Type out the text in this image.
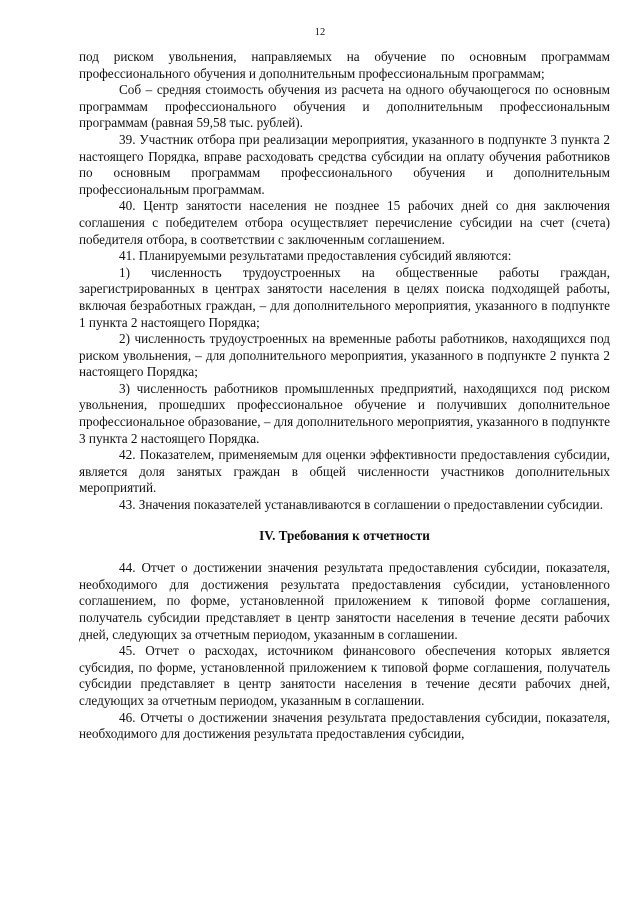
12

под риском увольнения, направляемых на обучение по основным программам профессионального обучения и дополнительным профессиональным программам;

Соб – средняя стоимость обучения из расчета на одного обучающегося по основным программам профессионального обучения и дополнительным профессиональным программам (равная 59,58 тыс. рублей).

39. Участник отбора при реализации мероприятия, указанного в подпункте 3 пункта 2 настоящего Порядка, вправе расходовать средства субсидии на оплату обучения работников по основным программам профессионального обучения и дополнительным профессиональным программам.

40. Центр занятости населения не позднее 15 рабочих дней со дня заключения соглашения с победителем отбора осуществляет перечисление субсидии на счет (счета) победителя отбора, в соответствии с заключенным соглашением.

41. Планируемыми результатами предоставления субсидий являются:

1) численность трудоустроенных на общественные работы граждан, зарегистрированных в центрах занятости населения в целях поиска подходящей работы, включая безработных граждан, – для дополнительного мероприятия, указанного в подпункте 1 пункта 2 настоящего Порядка;

2) численность трудоустроенных на временные работы работников, находящихся под риском увольнения, – для дополнительного мероприятия, указанного в подпункте 2 пункта 2 настоящего Порядка;

3) численность работников промышленных предприятий, находящихся под риском увольнения, прошедших профессиональное обучение и получивших дополнительное профессиональное образование, – для дополнительного мероприятия, указанного в подпункте 3 пункта 2 настоящего Порядка.

42. Показателем, применяемым для оценки эффективности предоставления субсидии, является доля занятых граждан в общей численности участников дополнительных мероприятий.

43. Значения показателей устанавливаются в соглашении о предоставлении субсидии.

IV. Требования к отчетности

44. Отчет о достижении значения результата предоставления субсидии, показателя, необходимого для достижения результата предоставления субсидии, установленного соглашением, по форме, установленной приложением к типовой форме соглашения, получатель субсидии представляет в центр занятости населения в течение десяти рабочих дней, следующих за отчетным периодом, указанным в соглашении.

45. Отчет о расходах, источником финансового обеспечения которых является субсидия, по форме, установленной приложением к типовой форме соглашения, получатель субсидии представляет в центр занятости населения в течение десяти рабочих дней, следующих за отчетным периодом, указанным в соглашении.

46. Отчеты о достижении значения результата предоставления субсидии, показателя, необходимого для достижения результата предоставления субсидии,
